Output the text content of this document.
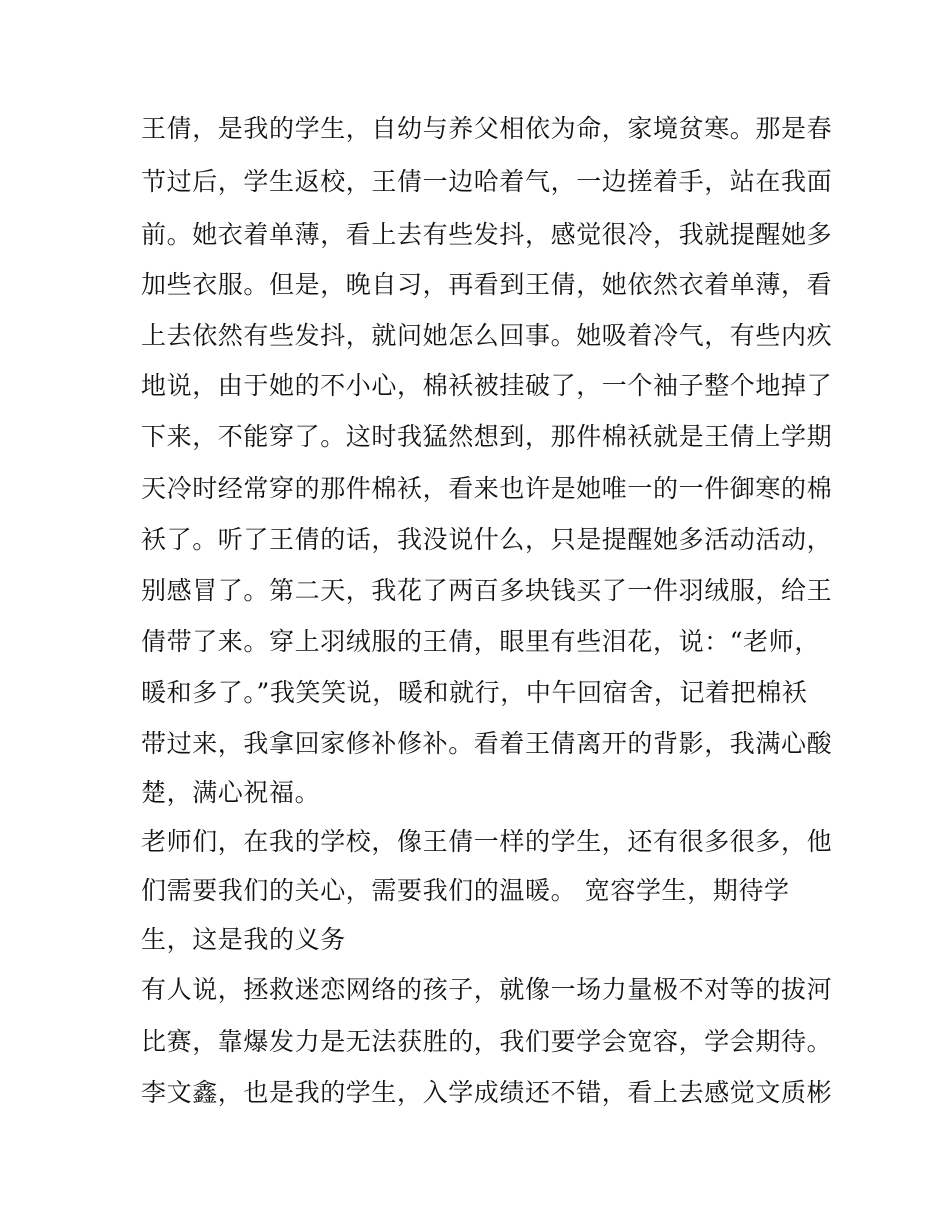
王倩，是我的学生，自幼与养父相依为命，家境贫寒。那是春
节过后，学生返校，王倩一边哈着气，一边搓着手，站在我面
前。她衣着单薄，看上去有些发抖，感觉很冷，我就提醒她多
加些衣服。但是，晚自习，再看到王倩，她依然衣着单薄，看
上去依然有些发抖，就问她怎么回事。她吸着冷气，有些内疚
地说，由于她的不小心，棉袄被挂破了，一个袖子整个地掉了
下来，不能穿了。这时我猛然想到，那件棉袄就是王倩上学期
天冷时经常穿的那件棉袄，看来也许是她唯一的一件御寒的棉
袄了。听了王倩的话，我没说什么，只是提醒她多活动活动，
别感冒了。第二天，我花了两百多块钱买了一件羽绒服，给王
倩带了来。穿上羽绒服的王倩，眼里有些泪花，说：“老师，
暖和多了。”我笑笑说，暖和就行，中午回宿舍，记着把棉袄
带过来，我拿回家修补修补。看着王倩离开的背影，我满心酸
楚，满心祝福。
老师们，在我的学校，像王倩一样的学生，还有很多很多，他
们需要我们的关心，需要我们的温暖。 宽容学生，期待学
生，这是我的义务
有人说，拯救迷恋网络的孩子，就像一场力量极不对等的拔河
比赛，靠爆发力是无法获胜的，我们要学会宽容，学会期待。
李文鑫，也是我的学生，入学成绩还不错，看上去感觉文质彬
